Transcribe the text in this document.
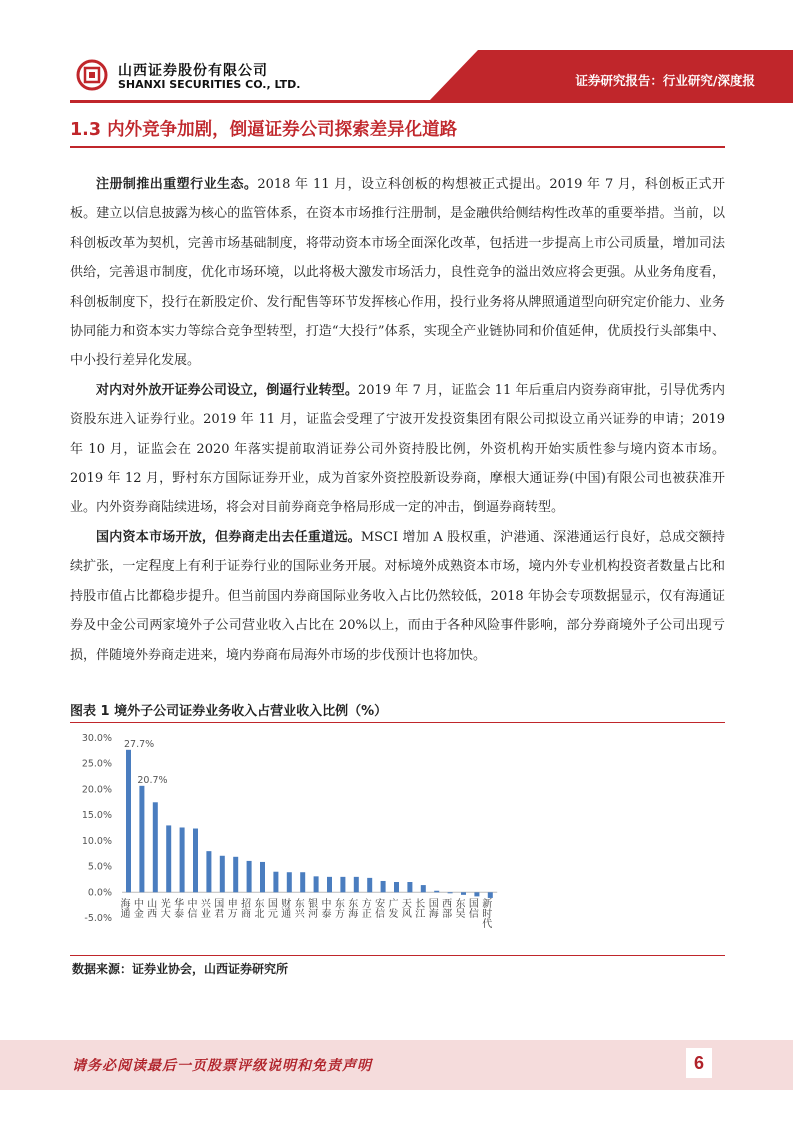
山西证券股份有限公司
SHANXI SECURITIES CO., LTD.	证券研究报告：行业研究/深度报
1.3 内外竞争加剧，倒逼证券公司探索差异化道路

注册制推出重塑行业生态。2018 年 11 月，设立科创板的构想被正式提出。2019 年 7 月，科创板正式开板。建立以信息披露为核心的监管体系，在资本市场推行注册制，是金融供给侧结构性改革的重要举措。当前，以科创板改革为契机，完善市场基础制度，将带动资本市场全面深化改革，包括进一步提高上市公司质量，增加司法供给，完善退市制度，优化市场环境，以此将极大激发市场活力，良性竞争的溢出效应将会更强。从业务角度看，科创板制度下，投行在新股定价、发行配售等环节发挥核心作用，投行业务将从牌照通道型向研究定价能力、业务协同能力和资本实力等综合竞争型转型，打造“大投行”体系，实现全产业链协同和价值延伸，优质投行头部集中、中小投行差异化发展。

对内对外放开证券公司设立，倒逼行业转型。2019 年 7 月，证监会 11 年后重启内资券商审批，引导优秀内资股东进入证券行业。2019 年 11 月，证监会受理了宁波开发投资集团有限公司拟设立甬兴证券的申请；2019 年 10 月，证监会在 2020 年落实提前取消证券公司外资持股比例，外资机构开始实质性参与境内资本市场。2019 年 12 月，野村东方国际证券开业，成为首家外资控股新设券商，摩根大通证券(中国)有限公司也被获准开业。内外资券商陆续进场，将会对目前券商竞争格局形成一定的冲击，倒逼券商转型。

国内资本市场开放，但券商走出去任重道远。MSCI 增加 A 股权重，沪港通、深港通运行良好，总成交额持续扩张，一定程度上有利于证券行业的国际业务开展。对标境外成熟资本市场，境内外专业机构投资者数量占比和持股市值占比都稳步提升。但当前国内券商国际业务收入占比仍然较低，2018 年协会专项数据显示，仅有海通证券及中金公司两家境外子公司营业收入占比在 20%以上，而由于各种风险事件影响，部分券商境外子公司出现亏损，伴随境外券商走进来，境内券商布局海外市场的步伐预计也将加快。

图表 1 境外子公司证券业务收入占营业收入比例（%）
30.0%
25.0%
20.0%
15.0%
10.0%
5.0%
0.0%
-5.0%
海通 中金 山西 光大 华泰 中信 兴业 国君 申万 招商 东北 国元 财通 东兴 银河 中泰 东方 东海 方正 安信 广发 天风 长江 国海 西部 东吴 国信 新时代
27.7%
20.7%
数据来源：证券业协会，山西证券研究所
请务必阅读最后一页股票评级说明和免责声明	6
